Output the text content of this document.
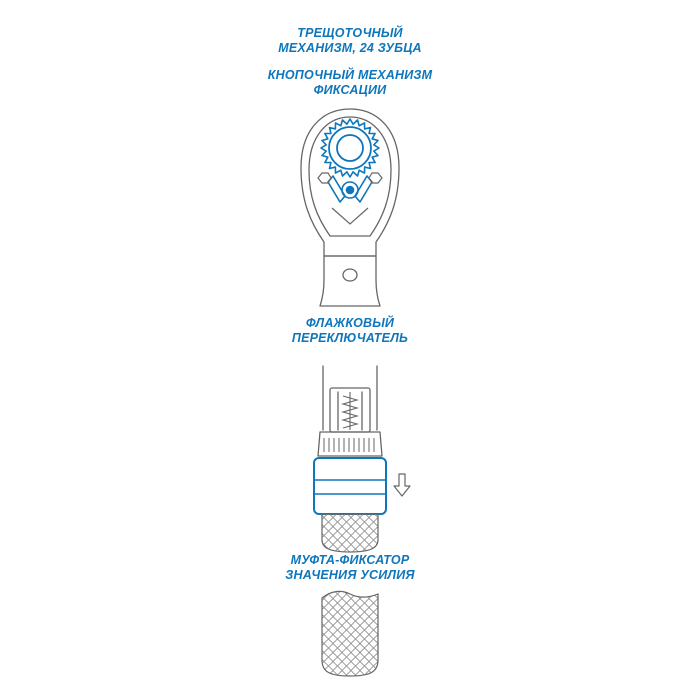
ТРЕЩОТОЧНЫЙ
МЕХАНИЗМ, 24 ЗУБЦА
КНОПОЧНЫЙ МЕХАНИЗМ
ФИКСАЦИИ
ФЛАЖКОВЫЙ
ПЕРЕКЛЮЧАТЕЛЬ
МУФТА-ФИКСАТОР
ЗНАЧЕНИЯ УСИЛИЯ
